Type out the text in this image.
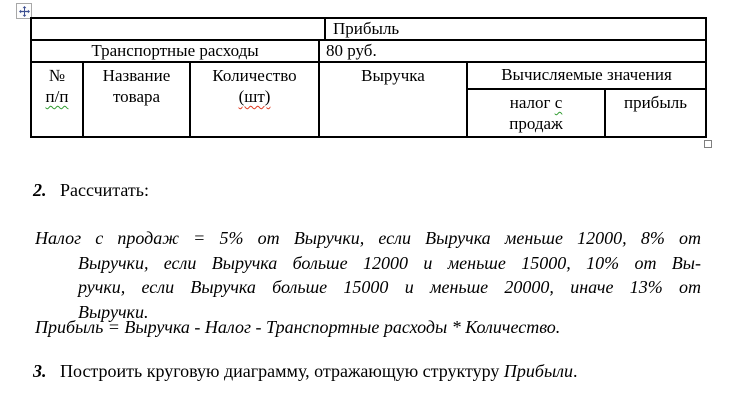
Прибыль
Транспортные расходы	80 руб.
№
п/п
Название
товара
Количество
(шт)
Выручка	Вычисляемые значения
налог с
продаж
прибыль
2. Рассчитать:
Налог с продаж = 5% от Выручки, если Выручка меньше 12000, 8% от
Выручки, если Выручка больше 12000 и меньше 15000, 10% от Вы-
ручки, если Выручка больше 15000 и меньше 20000, иначе 13% от
Выручки.
Прибыль = Выручка - Налог - Транспортные расходы * Количество.
3. Построить круговую диаграмму, отражающую структуру Прибыли.
